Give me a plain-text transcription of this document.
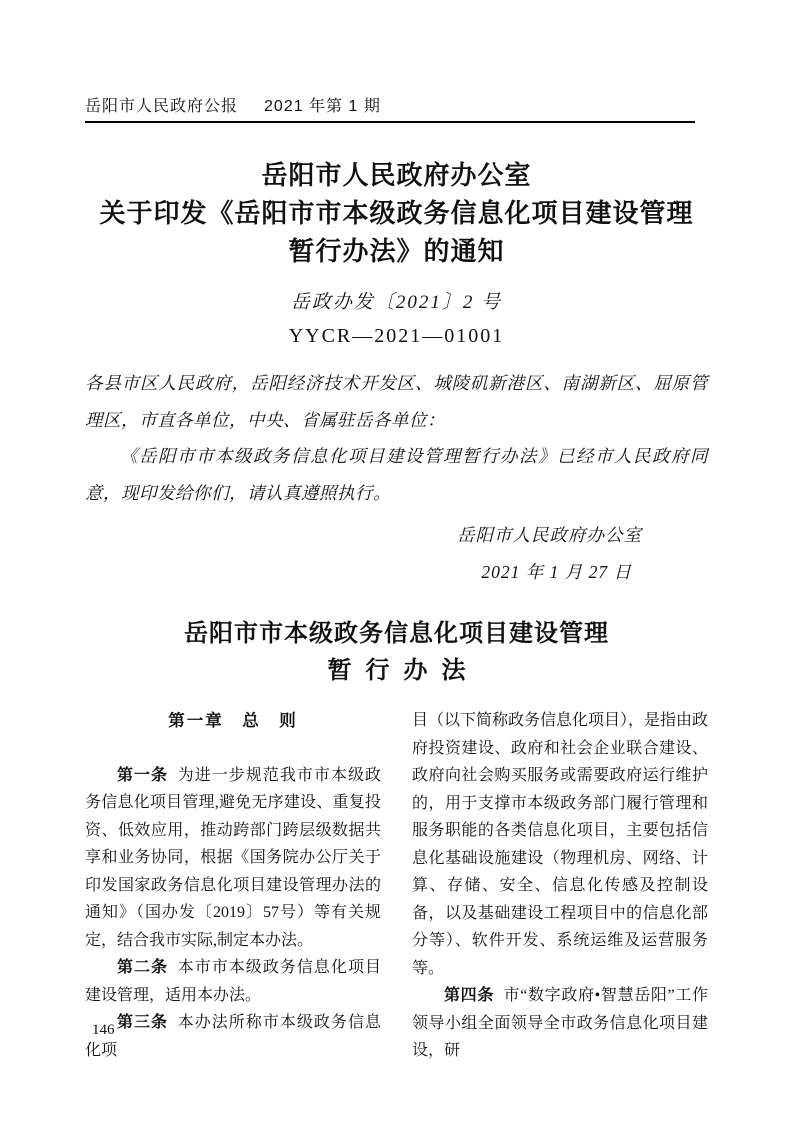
岳阳市人民政府公报 2021 年第 1 期
岳阳市人民政府办公室
关于印发《岳阳市市本级政务信息化项目建设管理
暂行办法》的通知
岳政办发〔2021〕2 号
YYCR—2021—01001

各县市区人民政府，岳阳经济技术开发区、城陵矶新港区、南湖新区、屈原管理区，市直各单位，中央、省属驻岳各单位：

《岳阳市市本级政务信息化项目建设管理暂行办法》已经市人民政府同意，现印发给你们，请认真遵照执行。

岳阳市人民政府办公室
2021 年 1 月 27 日
岳阳市市本级政务信息化项目建设管理
暂行办法
第一章　总　则

第一条 为进一步规范我市市本级政务信息化项目管理,避免无序建设、重复投资、低效应用，推动跨部门跨层级数据共享和业务协同，根据《国务院办公厅关于印发国家政务信息化项目建设管理办法的通知》（国办发〔2019〕57号）等有关规定，结合我市实际,制定本办法。

第二条 本市市本级政务信息化项目建设管理，适用本办法。

第三条 本办法所称市本级政务信息化项

目（以下简称政务信息化项目），是指由政府投资建设、政府和社会企业联合建设、政府向社会购买服务或需要政府运行维护的，用于支撑市本级政务部门履行管理和服务职能的各类信息化项目，主要包括信息化基础设施建设（物理机房、网络、计算、存储、安全、信息化传感及控制设备，以及基础建设工程项目中的信息化部分等）、软件开发、系统运维及运营服务等。

第四条 市“数字政府•智慧岳阳”工作领导小组全面领导全市政务信息化项目建设，研

146
